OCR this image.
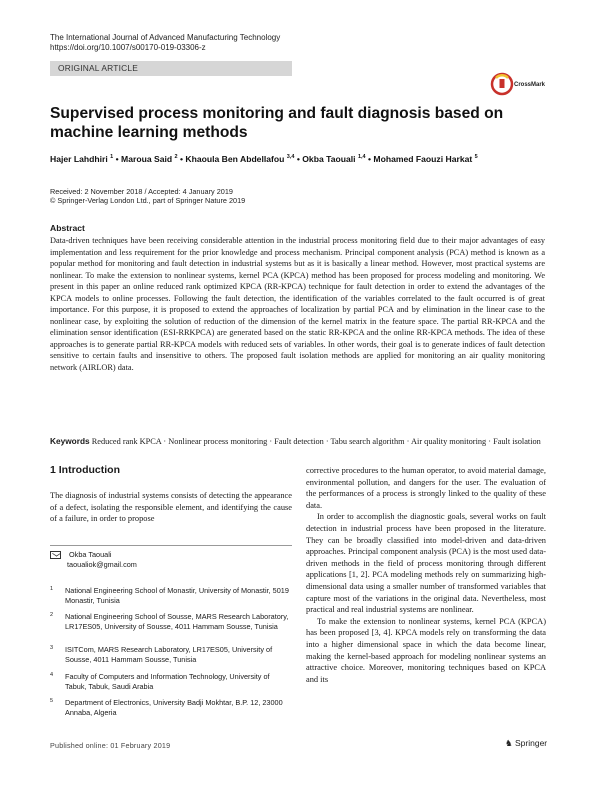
The International Journal of Advanced Manufacturing Technology
https://doi.org/10.1007/s00170-019-03306-z
ORIGINAL ARTICLE
CrossMark
Supervised process monitoring and fault diagnosis based on machine learning methods
Hajer Lahdhiri $^1$ • Maroua Said $^2$ • Khaoula Ben Abdellafou $^{3,4}$ • Okba Taouali $^{1,4}$ • Mohamed Faouzi Harkat $^5$
Received: 2 November 2018 / Accepted: 4 January 2019
© Springer-Verlag London Ltd., part of Springer Nature 2019
Abstract
Data-driven techniques have been receiving considerable attention in the industrial process monitoring field due to their major advantages of easy implementation and less requirement for the prior knowledge and process mechanism. Principal component analysis (PCA) method is known as a popular method for monitoring and fault detection in industrial systems but as it is basically a linear method. However, most practical systems are nonlinear. To make the extension to nonlinear systems, kernel PCA (KPCA) method has been proposed for process modeling and monitoring. We present in this paper an online reduced rank optimized KPCA (RR-KPCA) technique for fault detection in order to extend the advantages of the KPCA models to online processes. Following the fault detection, the identification of the variables correlated to the fault occurred is of great importance. For this purpose, it is proposed to extend the approaches of localization by partial PCA and by elimination in the linear case to the nonlinear case, by exploiting the solution of reduction of the dimension of the kernel matrix in the feature space. The partial RR-KPCA and the elimination sensor identification (ESI-RRKPCA) are generated based on the static RR-KPCA and the online RR-KPCA methods. The idea of these approaches is to generate partial RR-KPCA models with reduced sets of variables. In other words, their goal is to generate indices of fault detection sensitive to certain faults and insensitive to others. The proposed fault isolation methods are applied for monitoring an air quality monitoring network (AIRLOR) data.
Keywords Reduced rank KPCA · Nonlinear process monitoring · Fault detection · Tabu search algorithm · Air quality monitoring · Fault isolation
1 Introduction

The diagnosis of industrial systems consists of detecting the appearance of a defect, isolating the responsible element, and identifying the cause of a failure, in order to propose

corrective procedures to the human operator, to avoid material damage, environmental pollution, and dangers for the user. The evaluation of the performances of a process is strongly linked to the quality of these data.

In order to accomplish the diagnostic goals, several works on fault detection in industrial process have been proposed in the literature. They can be broadly classified into model-driven and data-driven approaches. Principal component analysis (PCA) is the most used data-driven methods in the field of process monitoring through different applications [1, 2]. PCA modeling methods rely on summarizing high-dimensional data using a smaller number of transformed variables that capture most of the variations in the original data. Nevertheless, most practical and real industrial systems are nonlinear.

To make the extension to nonlinear systems, kernel PCA (KPCA) has been proposed [3, 4]. KPCA models rely on transforming the data into a higher dimensional space in which the data become linear, making the kernel-based approach for modeling nonlinear systems an attractive choice. Moreover, monitoring techniques based on KPCA and its

Okba Taouali
taoualiok@gmail.com
1 National Engineering School of Monastir, University of Monastir, 5019 Monastir, Tunisia
2 National Engineering School of Sousse, MARS Research Laboratory, LR17ES05, University of Sousse, 4011 Hammam Sousse, Tunisia
3 ISITCom, MARS Research Laboratory, LR17ES05, University of Sousse, 4011 Hammam Sousse, Tunisia
4 Faculty of Computers and Information Technology, University of Tabuk, Tabuk, Saudi Arabia
5 Department of Electronics, University Badji Mokhtar, B.P. 12, 23000 Annaba, Algeria
Published online: 01 February 2019	♞ Springer
